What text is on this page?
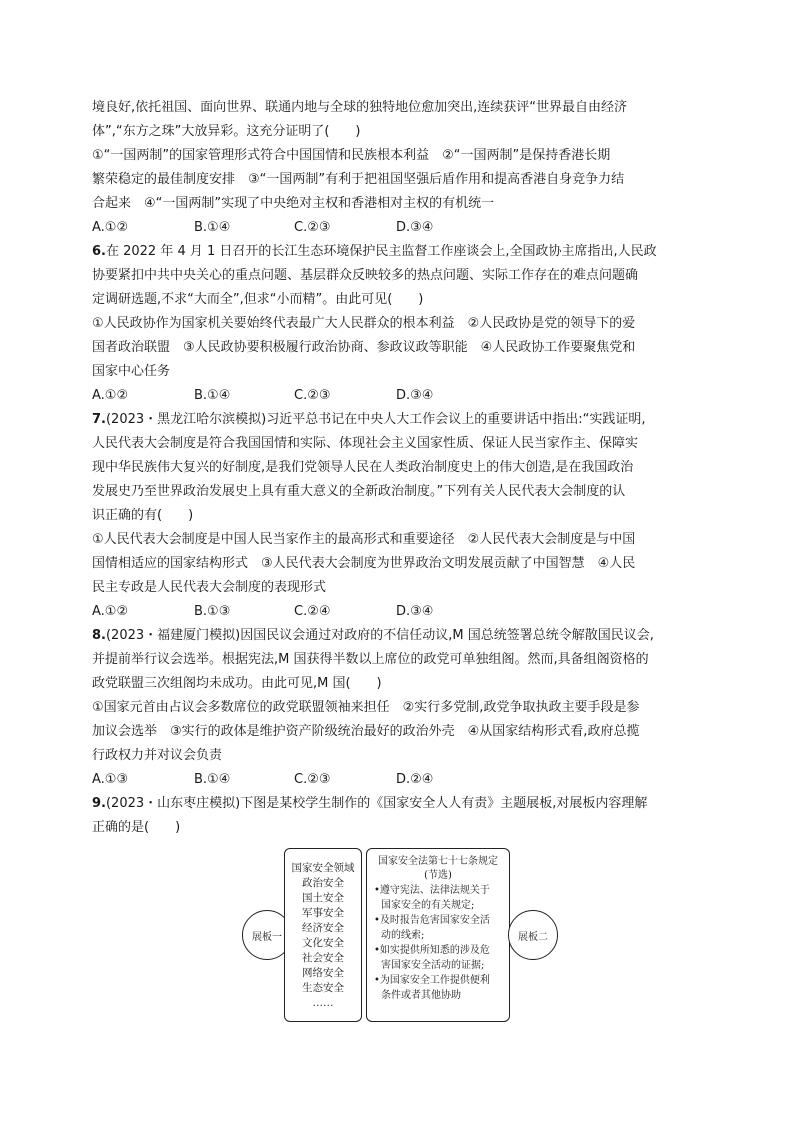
境良好,依托祖国、面向世界、联通内地与全球的独特地位愈加突出,连续获评“世界最自由经济
体”,“东方之珠”大放异彩。这充分证明了(　　)
①“一国两制”的国家管理形式符合中国国情和民族根本利益　②“一国两制”是保持香港长期
繁荣稳定的最佳制度安排　③“一国两制”有利于把祖国坚强后盾作用和提高香港自身竞争力结
合起来　④“一国两制”实现了中央绝对主权和香港相对主权的有机统一
A.①②	B.①④	C.②③	D.③④
6.在 2022 年 4 月 1 日召开的长江生态环境保护民主监督工作座谈会上,全国政协主席指出,人民政
协要紧扣中共中央关心的重点问题、基层群众反映较多的热点问题、实际工作存在的难点问题确
定调研选题,不求“大而全”,但求“小而精”。由此可见(　　)
①人民政协作为国家机关要始终代表最广大人民群众的根本利益　②人民政协是党的领导下的爱
国者政治联盟　③人民政协要积极履行政治协商、参政议政等职能　④人民政协工作要聚焦党和
国家中心任务
A.①②	B.①④	C.②③	D.③④
7.(2023・黑龙江哈尔滨模拟)习近平总书记在中央人大工作会议上的重要讲话中指出:“实践证明,
人民代表大会制度是符合我国国情和实际、体现社会主义国家性质、保证人民当家作主、保障实
现中华民族伟大复兴的好制度,是我们党领导人民在人类政治制度史上的伟大创造,是在我国政治
发展史乃至世界政治发展史上具有重大意义的全新政治制度。”下列有关人民代表大会制度的认
识正确的有(　　)
①人民代表大会制度是中国人民当家作主的最高形式和重要途径　②人民代表大会制度是与中国
国情相适应的国家结构形式　③人民代表大会制度为世界政治文明发展贡献了中国智慧　④人民
民主专政是人民代表大会制度的表现形式
A.①②	B.①③	C.②④	D.③④
8.(2023・福建厦门模拟)因国民议会通过对政府的不信任动议,M 国总统签署总统令解散国民议会,
并提前举行议会选举。根据宪法,M 国获得半数以上席位的政党可单独组阁。然而,具备组阁资格的
政党联盟三次组阁均未成功。由此可见,M 国(　　)
①国家元首由占议会多数席位的政党联盟领袖来担任　②实行多党制,政党争取执政主要手段是参
加议会选举　③实行的政体是维护资产阶级统治最好的政治外壳　④从国家结构形式看,政府总揽
行政权力并对议会负责
A.①③	B.①④	C.②③	D.②④
9.(2023・山东枣庄模拟)下图是某校学生制作的《国家安全人人有责》主题展板,对展板内容理解
正确的是(　　)
展板一
国家安全领域
政治安全
国土安全
军事安全
经济安全
文化安全
社会安全
网络安全
生态安全
……
国家安全法第七十七条规定
(节选)
•遵守宪法、法律法规关于
国家安全的有关规定;
•及时报告危害国家安全活
动的线索;
•如实提供所知悉的涉及危
害国家安全活动的证据;
•为国家安全工作提供便利
条件或者其他协助
展板二
